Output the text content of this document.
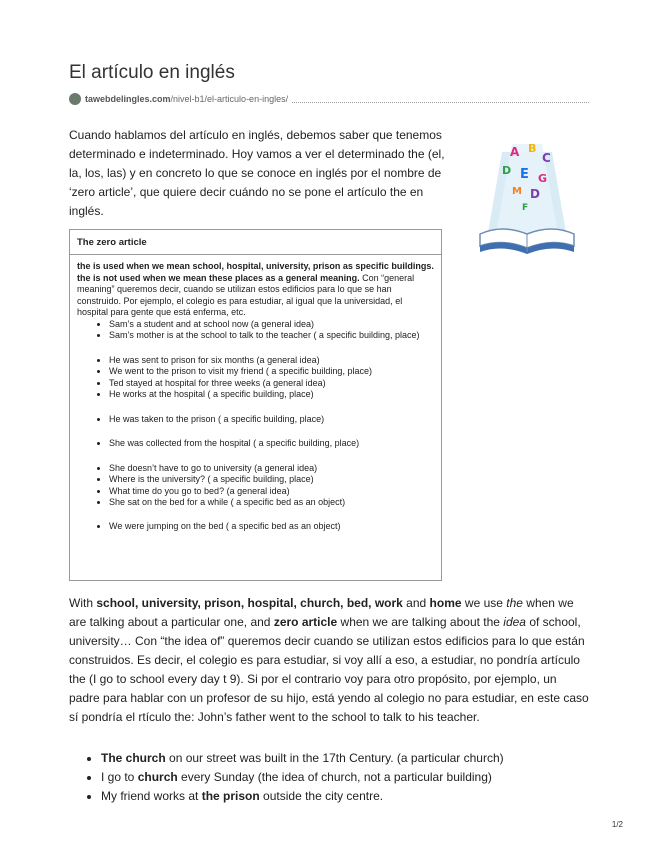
El artículo en inglés
tawebdelingles.com /nivel-b1/el-articulo-en-ingles/

Cuando hablamos del artículo en inglés, debemos saber que tenemos determinado e indeterminado. Hoy vamos a ver el determinado the (el, la, los, las) y en concreto lo que se conoce en inglés por el nombre de ‘zero article’, que quiere decir cuándo no se pone el artículo the en inglés.

A B
C
D E G
M D
F
The zero article

the is used when we mean school, hospital, university, prison as specific buildings. the is not used when we mean these places as a general meaning. Con “general meaning” queremos decir, cuando se utilizan estos edificios para lo que se han construido. Por ejemplo, el colegio es para estudiar, al igual que la universidad, el hospital para gente que está enferma, etc.

• Sam’s a student and at school now (a general idea)
• Sam’s mother is at the school to talk to the teacher ( a specific building, place)
• He was sent to prison for six months (a general idea)
• We went to the prison to visit my friend ( a specific building, place)
• Ted stayed at hospital for three weeks (a general idea)
• He works at the hospital ( a specific building, place)
• He was taken to the prison ( a specific building, place)
• She was collected from the hospital ( a specific building, place)
• She doesn’t have to go to university (a general idea)
• Where is the university? ( a specific building, place)
• What time do you go to bed? (a general idea)
• She sat on the bed for a while ( a specific bed as an object)
• We were jumping on the bed ( a specific bed as an object)

With school, university, prison, hospital, church, bed, work and home we use the when we are talking about a particular one, and zero article when we are talking about the idea of school, university… Con “the idea of” queremos decir cuando se utilizan estos edificios para lo que están construidos. Es decir, el colegio es para estudiar, si voy allí a eso, a estudiar, no pondría artículo the (I go to school every day t 9). Si por el contrario voy para otro propósito, por ejemplo, un padre para hablar con un profesor de su hijo, está yendo al colegio no para estudiar, en este caso sí pondría el rtículo the: John’s father went to the school to talk to his teacher.

• The church on our street was built in the 17th Century. (a particular church)
• I go to church every Sunday (the idea of church, not a particular building)
• My friend works at the prison outside the city centre.
1/2
